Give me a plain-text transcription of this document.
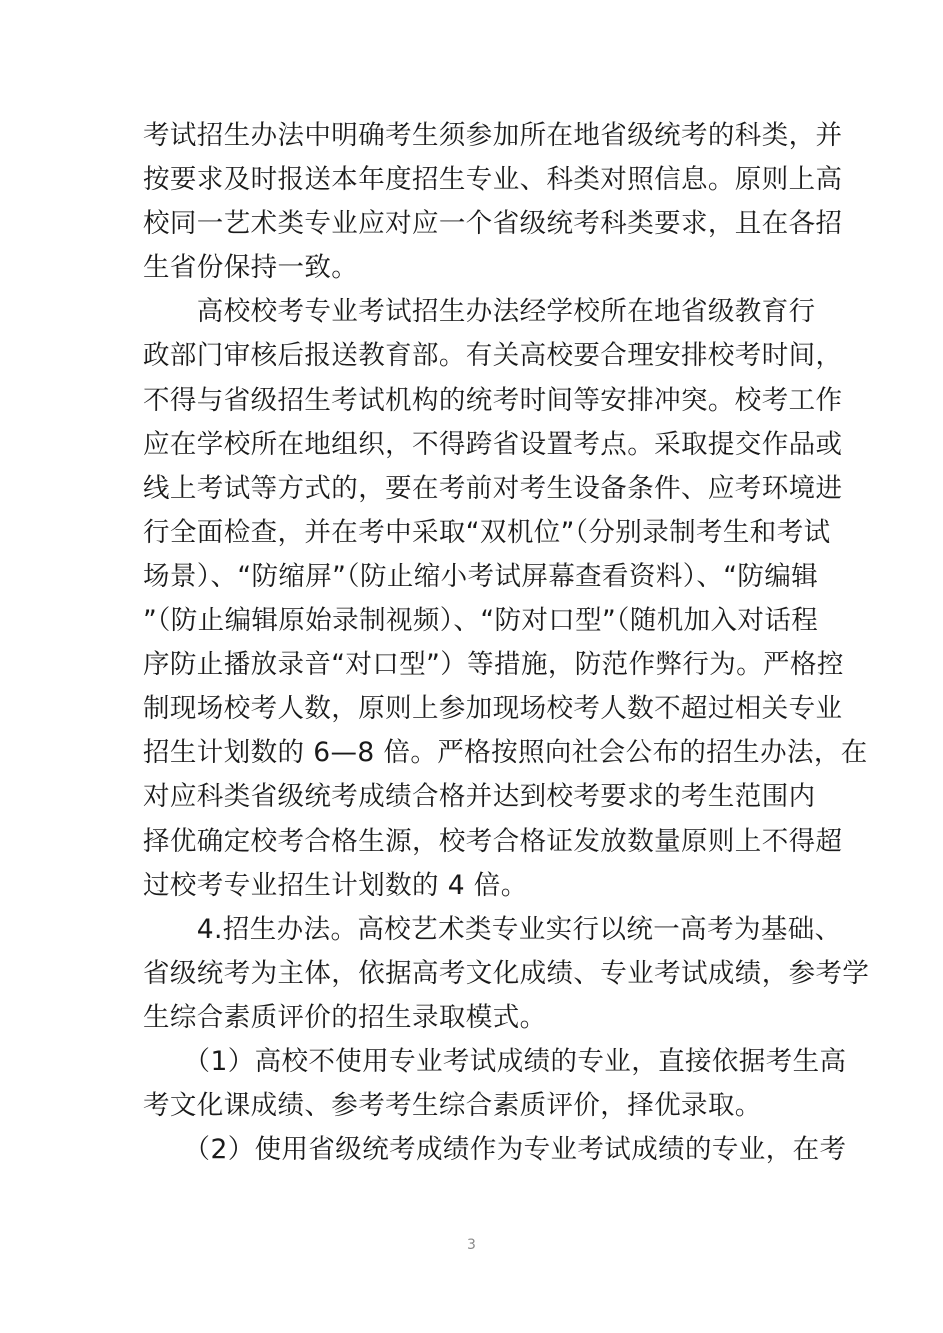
考试招生办法中明确考生须参加所在地省级统考的科类，并
按要求及时报送本年度招生专业、科类对照信息。原则上高
校同一艺术类专业应对应一个省级统考科类要求，且在各招
生省份保持一致。
　　高校校考专业考试招生办法经学校所在地省级教育行
政部门审核后报送教育部。有关高校要合理安排校考时间，
不得与省级招生考试机构的统考时间等安排冲突。校考工作
应在学校所在地组织，不得跨省设置考点。采取提交作品或
线上考试等方式的，要在考前对考生设备条件、应考环境进
行全面检查，并在考中采取“双机位”（分别录制考生和考试
场景）、“防缩屏”（防止缩小考试屏幕查看资料）、“防编辑
”（防止编辑原始录制视频）、“防对口型”（随机加入对话程
序防止播放录音“对口型”）等措施，防范作弊行为。严格控
制现场校考人数，原则上参加现场校考人数不超过相关专业
招生计划数的 6—8 倍。严格按照向社会公布的招生办法，在
对应科类省级统考成绩合格并达到校考要求的考生范围内
择优确定校考合格生源，校考合格证发放数量原则上不得超
过校考专业招生计划数的 4 倍。
　　4.招生办法。高校艺术类专业实行以统一高考为基础、
省级统考为主体，依据高考文化成绩、专业考试成绩，参考学
生综合素质评价的招生录取模式。
　　（1）高校不使用专业考试成绩的专业，直接依据考生高
考文化课成绩、参考考生综合素质评价，择优录取。
　　（2）使用省级统考成绩作为专业考试成绩的专业，在考
3
